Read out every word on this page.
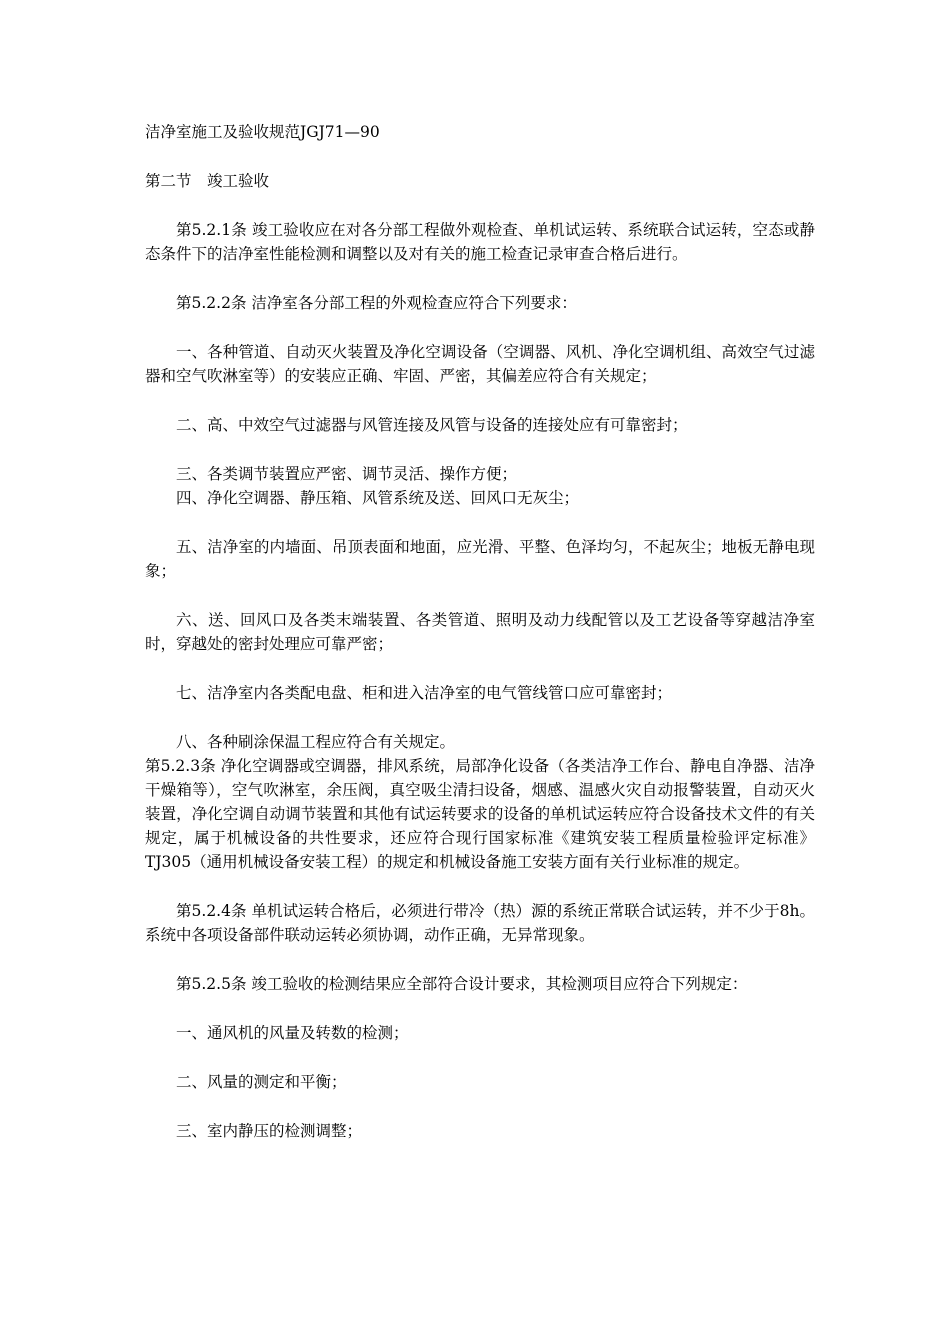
洁净室施工及验收规范JGJ71—90

第二节　竣工验收

第5.2.1条 竣工验收应在对各分部工程做外观检查、单机试运转、系统联合试运转，空态或静态条件下的洁净室性能检测和调整以及对有关的施工检查记录审查合格后进行。

第5.2.2条 洁净室各分部工程的外观检查应符合下列要求：

一、各种管道、自动灭火装置及净化空调设备（空调器、风机、净化空调机组、高效空气过滤器和空气吹淋室等）的安装应正确、牢固、严密，其偏差应符合有关规定；

二、高、中效空气过滤器与风管连接及风管与设备的连接处应有可靠密封；

三、各类调节装置应严密、调节灵活、操作方便；

四、净化空调器、静压箱、风管系统及送、回风口无灰尘；

五、洁净室的内墙面、吊顶表面和地面，应光滑、平整、色泽均匀，不起灰尘；地板无静电现象；

六、送、回风口及各类末端装置、各类管道、照明及动力线配管以及工艺设备等穿越洁净室时，穿越处的密封处理应可靠严密；

七、洁净室内各类配电盘、柜和进入洁净室的电气管线管口应可靠密封；

八、各种刷涂保温工程应符合有关规定。

第5.2.3条 净化空调器或空调器，排风系统，局部净化设备（各类洁净工作台、静电自净器、洁净干燥箱等），空气吹淋室，余压阀，真空吸尘清扫设备，烟感、温感火灾自动报警装置，自动灭火装置，净化空调自动调节装置和其他有试运转要求的设备的单机试运转应符合设备技术文件的有关规定，属于机械设备的共性要求，还应符合现行国家标准《建筑安装工程质量检验评定标准》TJ305（通用机械设备安装工程）的规定和机械设备施工安装方面有关行业标准的规定。

第5.2.4条 单机试运转合格后，必须进行带冷（热）源的系统正常联合试运转，并不少于8h。系统中各项设备部件联动运转必须协调，动作正确，无异常现象。

第5.2.5条 竣工验收的检测结果应全部符合设计要求，其检测项目应符合下列规定：

一、通风机的风量及转数的检测；

二、风量的测定和平衡；

三、室内静压的检测调整；
